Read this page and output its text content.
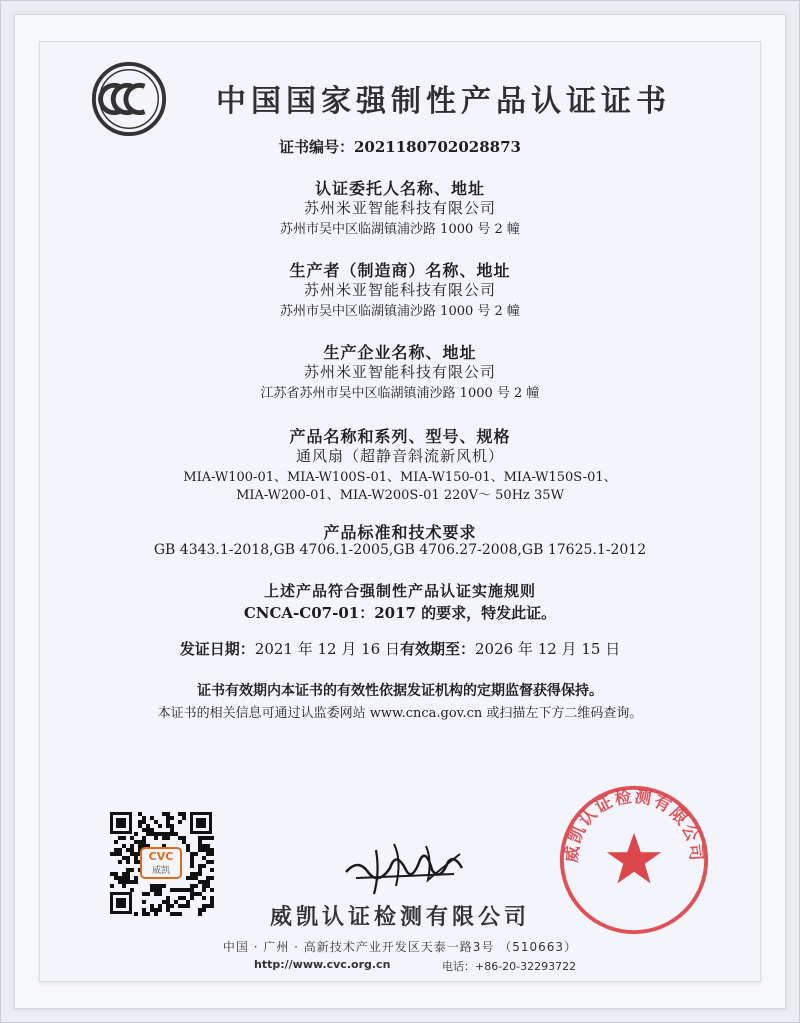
中国国家强制性产品认证证书
证书编号：2021180702028873
认证委托人名称、地址
苏州米亚智能科技有限公司
苏州市吴中区临湖镇浦沙路 1000 号 2 幢
生产者（制造商）名称、地址
苏州米亚智能科技有限公司
苏州市吴中区临湖镇浦沙路 1000 号 2 幢
生产企业名称、地址
苏州米亚智能科技有限公司
江苏省苏州市吴中区临湖镇浦沙路 1000 号 2 幢
产品名称和系列、型号、规格
通风扇（超静音斜流新风机）
MIA-W100-01、MIA-W100S-01、MIA-W150-01、MIA-W150S-01、
MIA-W200-01、MIA-W200S-01 220V～ 50Hz 35W
产品标准和技术要求
GB 4343.1-2018,GB 4706.1-2005,GB 4706.27-2008,GB 17625.1-2012
上述产品符合强制性产品认证实施规则
CNCA-C07-01：2017 的要求，特发此证。
发证日期：2021 年 12 月 16 日有效期至：2026 年 12 月 15 日
证书有效期内本证书的有效性依据发证机构的定期监督获得保持。
本证书的相关信息可通过认监委网站 www.cnca.gov.cn 或扫描左下方二维码查询。
CVC
威凯
威凯认证检测有限公司
威凯认证检测有限公司
中国 · 广州 · 高新技术产业开发区天泰一路3号 （510663）
http://www.cvc.org.cn	电话：+86-20-32293722
